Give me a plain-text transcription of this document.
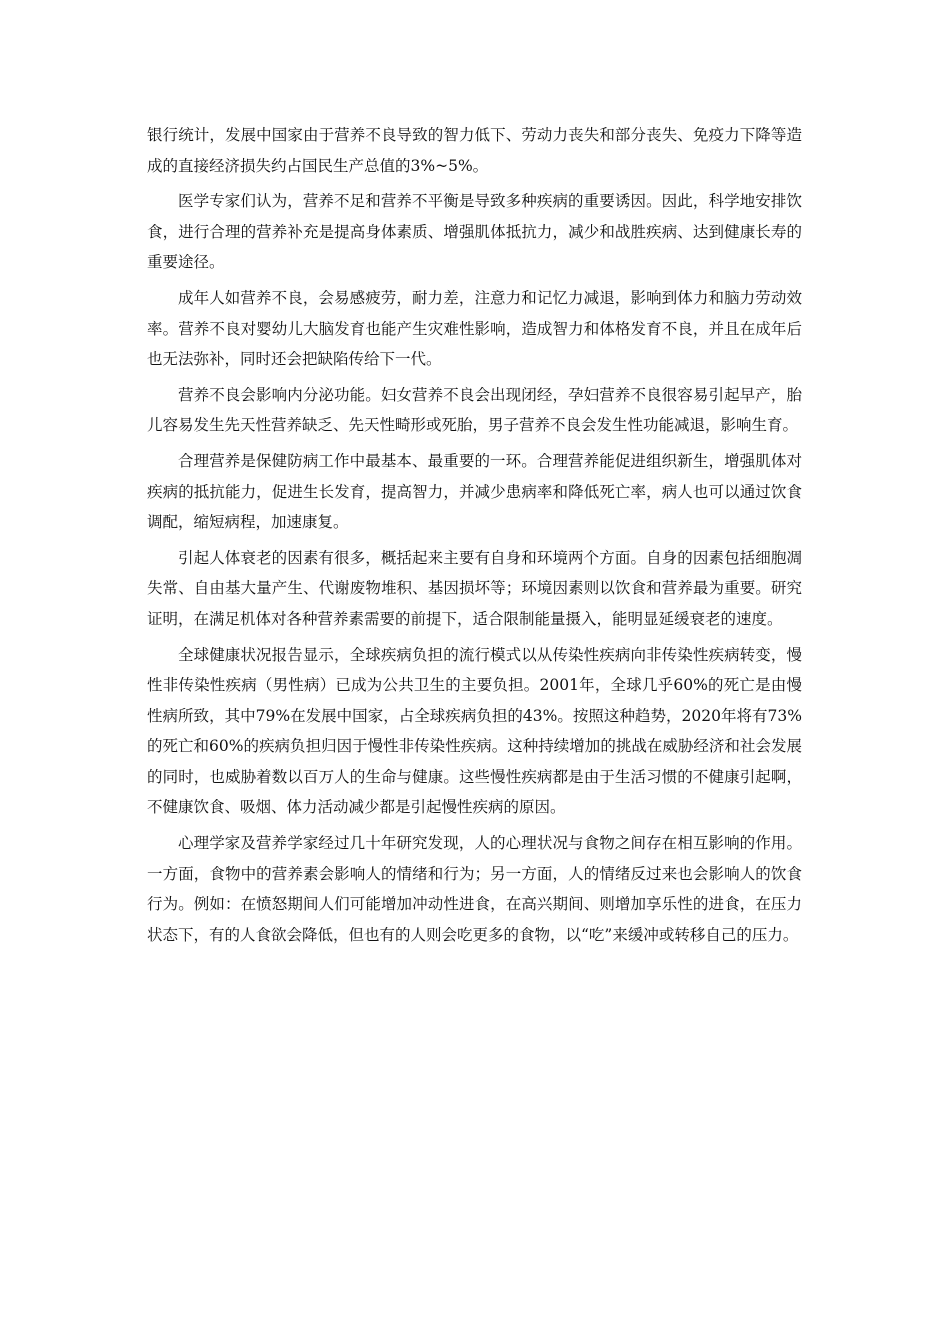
银行统计，发展中国家由于营养不良导致的智力低下、劳动力丧失和部分丧失、免疫力下降等造成的直接经济损失约占国民生产总值的3%~5%。

医学专家们认为，营养不足和营养不平衡是导致多种疾病的重要诱因。因此，科学地安排饮食，进行合理的营养补充是提高身体素质、增强肌体抵抗力，减少和战胜疾病、达到健康长寿的重要途径。

成年人如营养不良，会易感疲劳，耐力差，注意力和记忆力减退，影响到体力和脑力劳动效率。营养不良对婴幼儿大脑发育也能产生灾难性影响，造成智力和体格发育不良，并且在成年后也无法弥补，同时还会把缺陷传给下一代。

营养不良会影响内分泌功能。妇女营养不良会出现闭经，孕妇营养不良很容易引起早产，胎儿容易发生先天性营养缺乏、先天性畸形或死胎，男子营养不良会发生性功能减退，影响生育。

合理营养是保健防病工作中最基本、最重要的一环。合理营养能促进组织新生，增强肌体对疾病的抵抗能力，促进生长发育，提高智力，并减少患病率和降低死亡率，病人也可以通过饮食调配，缩短病程，加速康复。

引起人体衰老的因素有很多，概括起来主要有自身和环境两个方面。自身的因素包括细胞凋失常、自由基大量产生、代谢废物堆积、基因损坏等；环境因素则以饮食和营养最为重要。研究证明，在满足机体对各种营养素需要的前提下，适合限制能量摄入，能明显延缓衰老的速度。

全球健康状况报告显示，全球疾病负担的流行模式以从传染性疾病向非传染性疾病转变，慢性非传染性疾病（男性病）已成为公共卫生的主要负担。2001年，全球几乎60%的死亡是由慢性病所致，其中79%在发展中国家，占全球疾病负担的43%。按照这种趋势，2020年将有73%的死亡和60%的疾病负担归因于慢性非传染性疾病。这种持续增加的挑战在威胁经济和社会发展的同时，也威胁着数以百万人的生命与健康。这些慢性疾病都是由于生活习惯的不健康引起啊，不健康饮食、吸烟、体力活动减少都是引起慢性疾病的原因。

心理学家及营养学家经过几十年研究发现，人的心理状况与食物之间存在相互影响的作用。一方面，食物中的营养素会影响人的情绪和行为；另一方面，人的情绪反过来也会影响人的饮食行为。例如：在愤怒期间人们可能增加冲动性进食，在高兴期间、则增加享乐性的进食，在压力状态下，有的人食欲会降低，但也有的人则会吃更多的食物，以“吃”来缓冲或转移自己的压力。
